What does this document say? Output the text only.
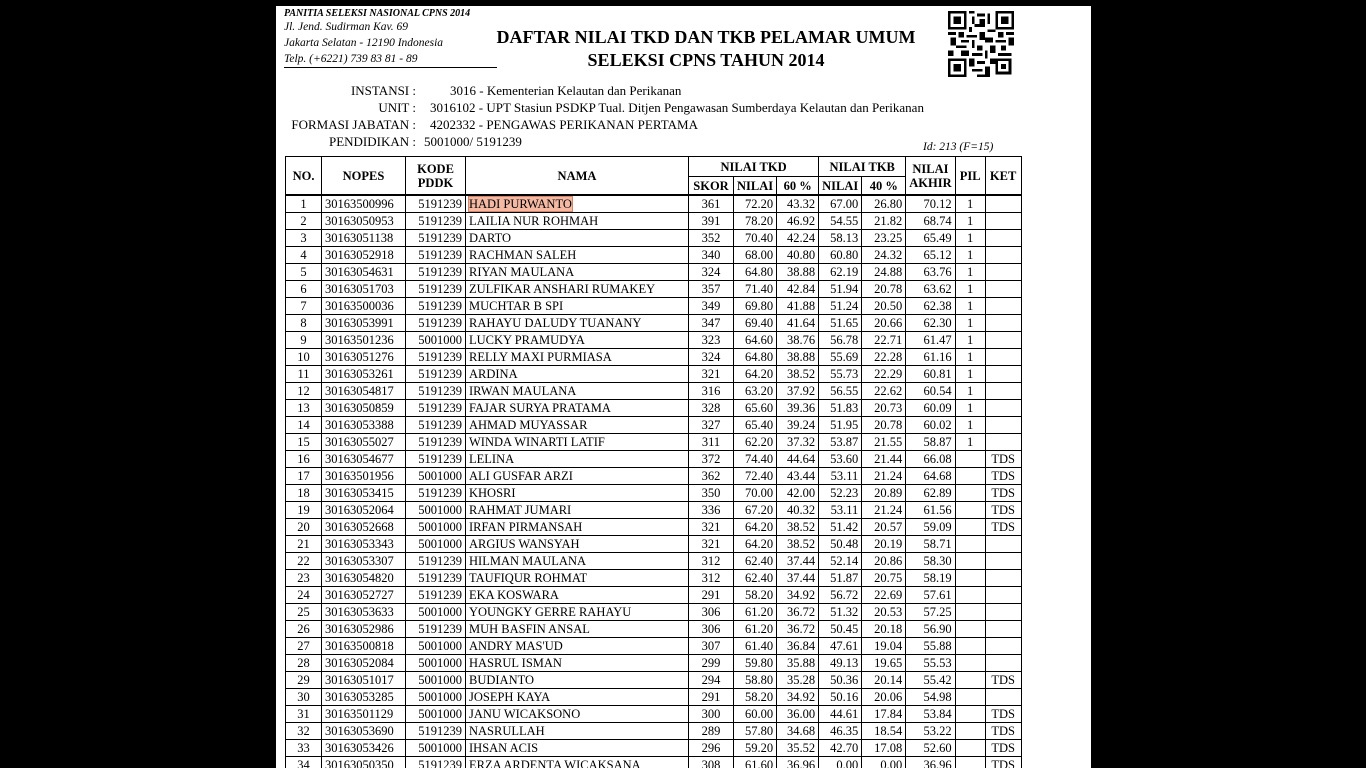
PANITIA SELEKSI NASIONAL CPNS 2014
Jl. Jend. Sudirman Kav. 69
Jakarta Selatan - 12190 Indonesia
Telp. (+6221) 739 83 81 - 89
DAFTAR NILAI TKD DAN TKB PELAMAR UMUM
SELEKSI CPNS TAHUN 2014
INSTANSI :	3016 - Kementerian Kelautan dan Perikanan
UNIT : 3016102 - UPT Stasiun PSDKP Tual. Ditjen Pengawasan Sumberdaya Kelautan dan Perikanan
FORMASI JABATAN : 4202332 - PENGAWAS PERIKANAN PERTAMA
PENDIDIKAN : 5001000/ 5191239	Id: 213 (F=15)
NO.	NOPES	KODE
PDDK	NAMA	NILAI TKD			NILAI TKB		NILAI
AKHIR	PIL	KET
				SKOR	NILAI	60 %	NILAI	40 %			
1	30163500996	5191239	HADI PURWANTO	361	72.20	43.32	67.00	26.80	70.12	1	
2	30163050953	5191239	LAILIA NUR ROHMAH	391	78.20	46.92	54.55	21.82	68.74	1	
3	30163051138	5191239	DARTO	352	70.40	42.24	58.13	23.25	65.49	1	
4	30163052918	5191239	RACHMAN SALEH	340	68.00	40.80	60.80	24.32	65.12	1	
5	30163054631	5191239	RIYAN MAULANA	324	64.80	38.88	62.19	24.88	63.76	1	
6	30163051703	5191239	ZULFIKAR ANSHARI RUMAKEY	357	71.40	42.84	51.94	20.78	63.62	1	
7	30163500036	5191239	MUCHTAR B SPI	349	69.80	41.88	51.24	20.50	62.38	1	
8	30163053991	5191239	RAHAYU DALUDY TUANANY	347	69.40	41.64	51.65	20.66	62.30	1	
9	30163501236	5001000	LUCKY PRAMUDYA	323	64.60	38.76	56.78	22.71	61.47	1	
10	30163051276	5191239	RELLY MAXI PURMIASA	324	64.80	38.88	55.69	22.28	61.16	1	
11	30163053261	5191239	ARDINA	321	64.20	38.52	55.73	22.29	60.81	1	
12	30163054817	5191239	IRWAN MAULANA	316	63.20	37.92	56.55	22.62	60.54	1	
13	30163050859	5191239	FAJAR SURYA PRATAMA	328	65.60	39.36	51.83	20.73	60.09	1	
14	30163053388	5191239	AHMAD MUYASSAR	327	65.40	39.24	51.95	20.78	60.02	1	
15	30163055027	5191239	WINDA WINARTI LATIF	311	62.20	37.32	53.87	21.55	58.87	1	
16	30163054677	5191239	LELINA	372	74.40	44.64	53.60	21.44	66.08		TDS
17	30163501956	5001000	ALI GUSFAR ARZI	362	72.40	43.44	53.11	21.24	64.68		TDS
18	30163053415	5191239	KHOSRI	350	70.00	42.00	52.23	20.89	62.89		TDS
19	30163052064	5001000	RAHMAT JUMARI	336	67.20	40.32	53.11	21.24	61.56		TDS
20	30163052668	5001000	IRFAN PIRMANSAH	321	64.20	38.52	51.42	20.57	59.09		TDS
21	30163053343	5001000	ARGIUS WANSYAH	321	64.20	38.52	50.48	20.19	58.71		
22	30163053307	5191239	HILMAN MAULANA	312	62.40	37.44	52.14	20.86	58.30		
23	30163054820	5191239	TAUFIQUR ROHMAT	312	62.40	37.44	51.87	20.75	58.19		
24	30163052727	5191239	EKA KOSWARA	291	58.20	34.92	56.72	22.69	57.61		
25	30163053633	5001000	YOUNGKY GERRE RAHAYU	306	61.20	36.72	51.32	20.53	57.25		
26	30163052986	5191239	MUH BASFIN ANSAL	306	61.20	36.72	50.45	20.18	56.90		
27	30163500818	5001000	ANDRY MAS'UD	307	61.40	36.84	47.61	19.04	55.88		
28	30163052084	5001000	HASRUL ISMAN	299	59.80	35.88	49.13	19.65	55.53		
29	30163051017	5001000	BUDIANTO	294	58.80	35.28	50.36	20.14	55.42		TDS
30	30163053285	5001000	JOSEPH KAYA	291	58.20	34.92	50.16	20.06	54.98		
31	30163501129	5001000	JANU WICAKSONO	300	60.00	36.00	44.61	17.84	53.84		TDS
32	30163053690	5191239	NASRULLAH	289	57.80	34.68	46.35	18.54	53.22		TDS
33	30163053426	5001000	IHSAN ACIS	296	59.20	35.52	42.70	17.08	52.60		TDS
34	30163050350	5191239	ERZA ARDENTA WICAKSANA	308	61.60	36.96	0.00	0.00	36.96		TDS
